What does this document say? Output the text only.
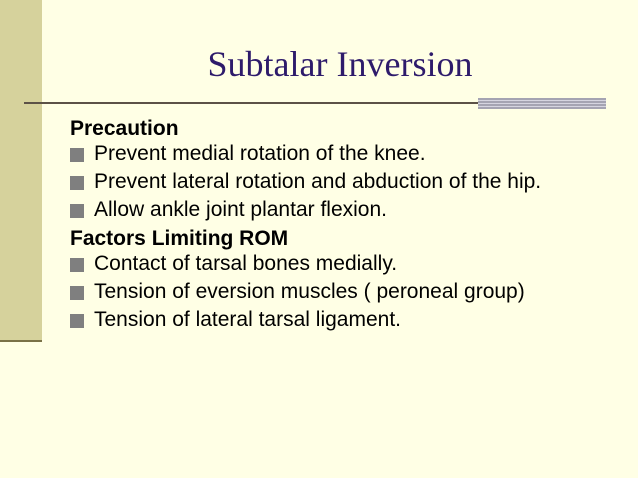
Subtalar Inversion
Precaution
Prevent medial rotation of the knee.
Prevent lateral rotation and abduction of the hip.
Allow ankle joint plantar flexion.
Factors Limiting ROM
Contact of tarsal bones medially.
Tension of eversion muscles ( peroneal group)
Tension of lateral tarsal ligament.
